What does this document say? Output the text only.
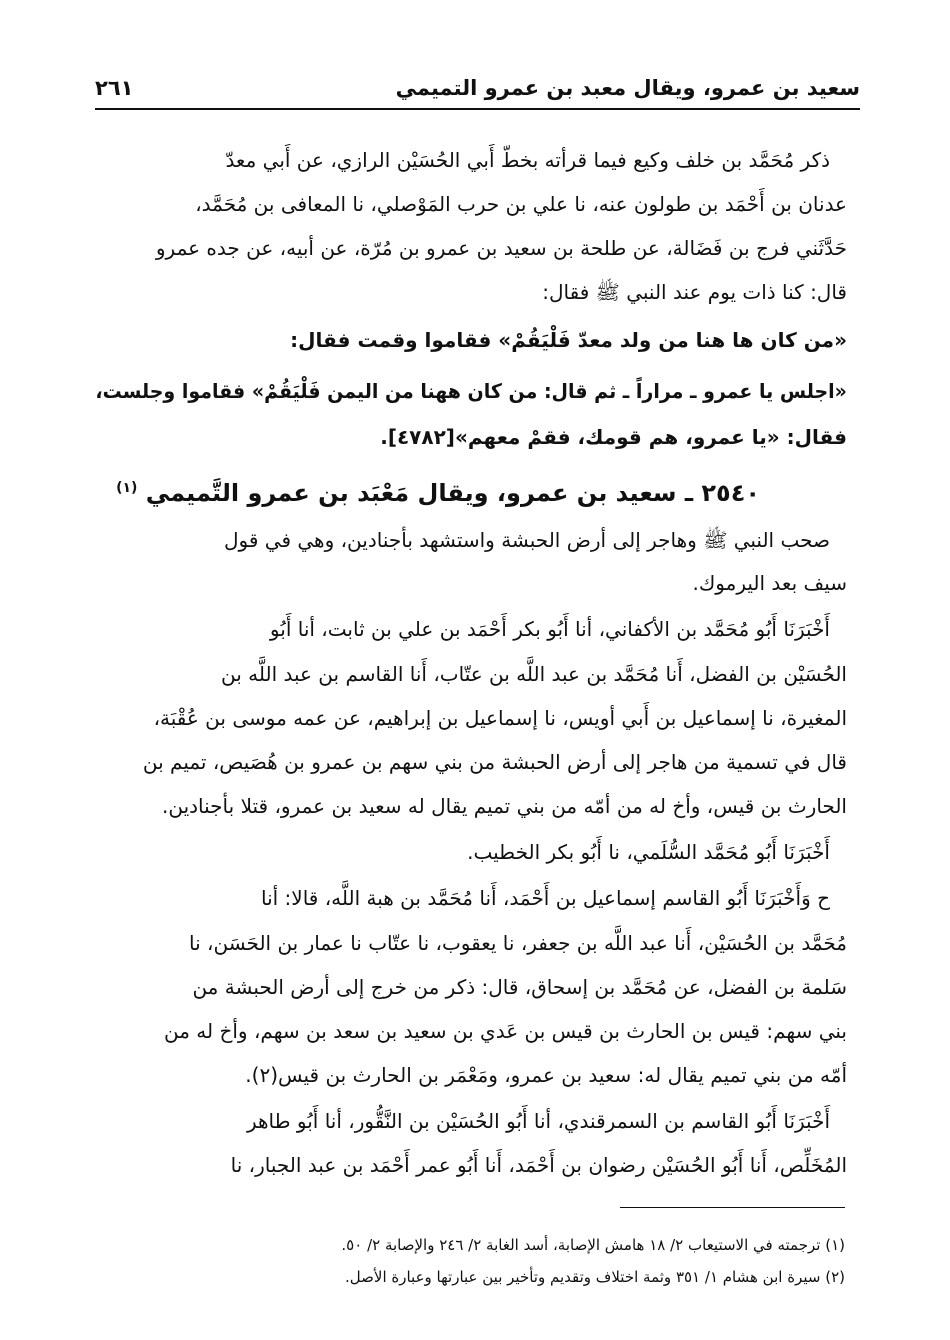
سعيد بن عمرو، ويقال معبد بن عمرو التميمي
٢٦١
ذكر مُحَمَّد بن خلف وكيع فيما قرأته بخطّ أَبي الحُسَيْن الرازي، عن أَبي معدّ
عدنان بن أَحْمَد بن طولون عنه، نا علي بن حرب المَوْصلي، نا المعافى بن مُحَمَّد،
حَدَّثَني فرج بن فَضَالة، عن طلحة بن سعيد بن عمرو بن مُرّة، عن أبيه، عن جده عمرو
قال: كنا ذات يوم عند النبي ﷺ فقال:
«من كان ها هنا من ولد معدّ فَلْيَقُمْ» فقاموا وقمت فقال:
«اجلس يا عمرو ـ مراراً ـ ثم قال: من كان ههنا من اليمن فَلْيَقُمْ» فقاموا وجلست،
فقال: «يا عمرو، هم قومك، فقمْ معهم»[٤٧٨٢].
٢٥٤٠ ـ سعيد بن عمرو، ويقال مَعْبَد بن عمرو التَّميمي $^{(١)}$
صحب النبي ﷺ وهاجر إلى أرض الحبشة واستشهد بأجنادين، وهي في قول
سيف بعد اليرموك.
أَخْبَرَنَا أَبُو مُحَمَّد بن الأكفاني، أنا أَبُو بكر أَحْمَد بن علي بن ثابت، أنا أَبُو
الحُسَيْن بن الفضل، أَنا مُحَمَّد بن عبد اللَّه بن عتّاب، أَنا القاسم بن عبد اللَّه بن
المغيرة، نا إسماعيل بن أَبي أويس، نا إسماعيل بن إبراهيم، عن عمه موسى بن عُقْبَة،
قال في تسمية من هاجر إلى أرض الحبشة من بني سهم بن عمرو بن هُصَيص، تميم بن
الحارث بن قيس، وأخ له من أمّه من بني تميم يقال له سعيد بن عمرو، قتلا بأجنادين.
أَخْبَرَنَا أَبُو مُحَمَّد السُّلَمي، نا أَبُو بكر الخطيب.
ح وَأَخْبَرَنَا أَبُو القاسم إسماعيل بن أَحْمَد، أَنا مُحَمَّد بن هبة اللَّه، قالا: أنا
مُحَمَّد بن الحُسَيْن، أَنا عبد اللَّه بن جعفر، نا يعقوب، نا عتّاب نا عمار بن الحَسَن، نا
سَلمة بن الفضل، عن مُحَمَّد بن إسحاق، قال: ذكر من خرج إلى أرض الحبشة من
بني سهم: قيس بن الحارث بن قيس بن عَدي بن سعيد بن سعد بن سهم، وأخ له من
أمّه من بني تميم يقال له: سعيد بن عمرو، ومَعْمَر بن الحارث بن قيس(٢).
أَخْبَرَنَا أَبُو القاسم بن السمرقندي، أنا أَبُو الحُسَيْن بن النَّقُّور، أنا أَبُو طاهر
المُخَلِّص، أَنا أَبُو الحُسَيْن رضوان بن أَحْمَد، أَنا أَبُو عمر أَحْمَد بن عبد الجبار، نا
(١) ترجمته في الاستيعاب ٢/ ١٨ هامش الإصابة، أسد الغابة ٢/ ٢٤٦ والإصابة ٢/ ٥٠.
(٢) سيرة ابن هشام ١/ ٣٥١ وثمة اختلاف وتقديم وتأخير بين عبارتها وعبارة الأصل.
